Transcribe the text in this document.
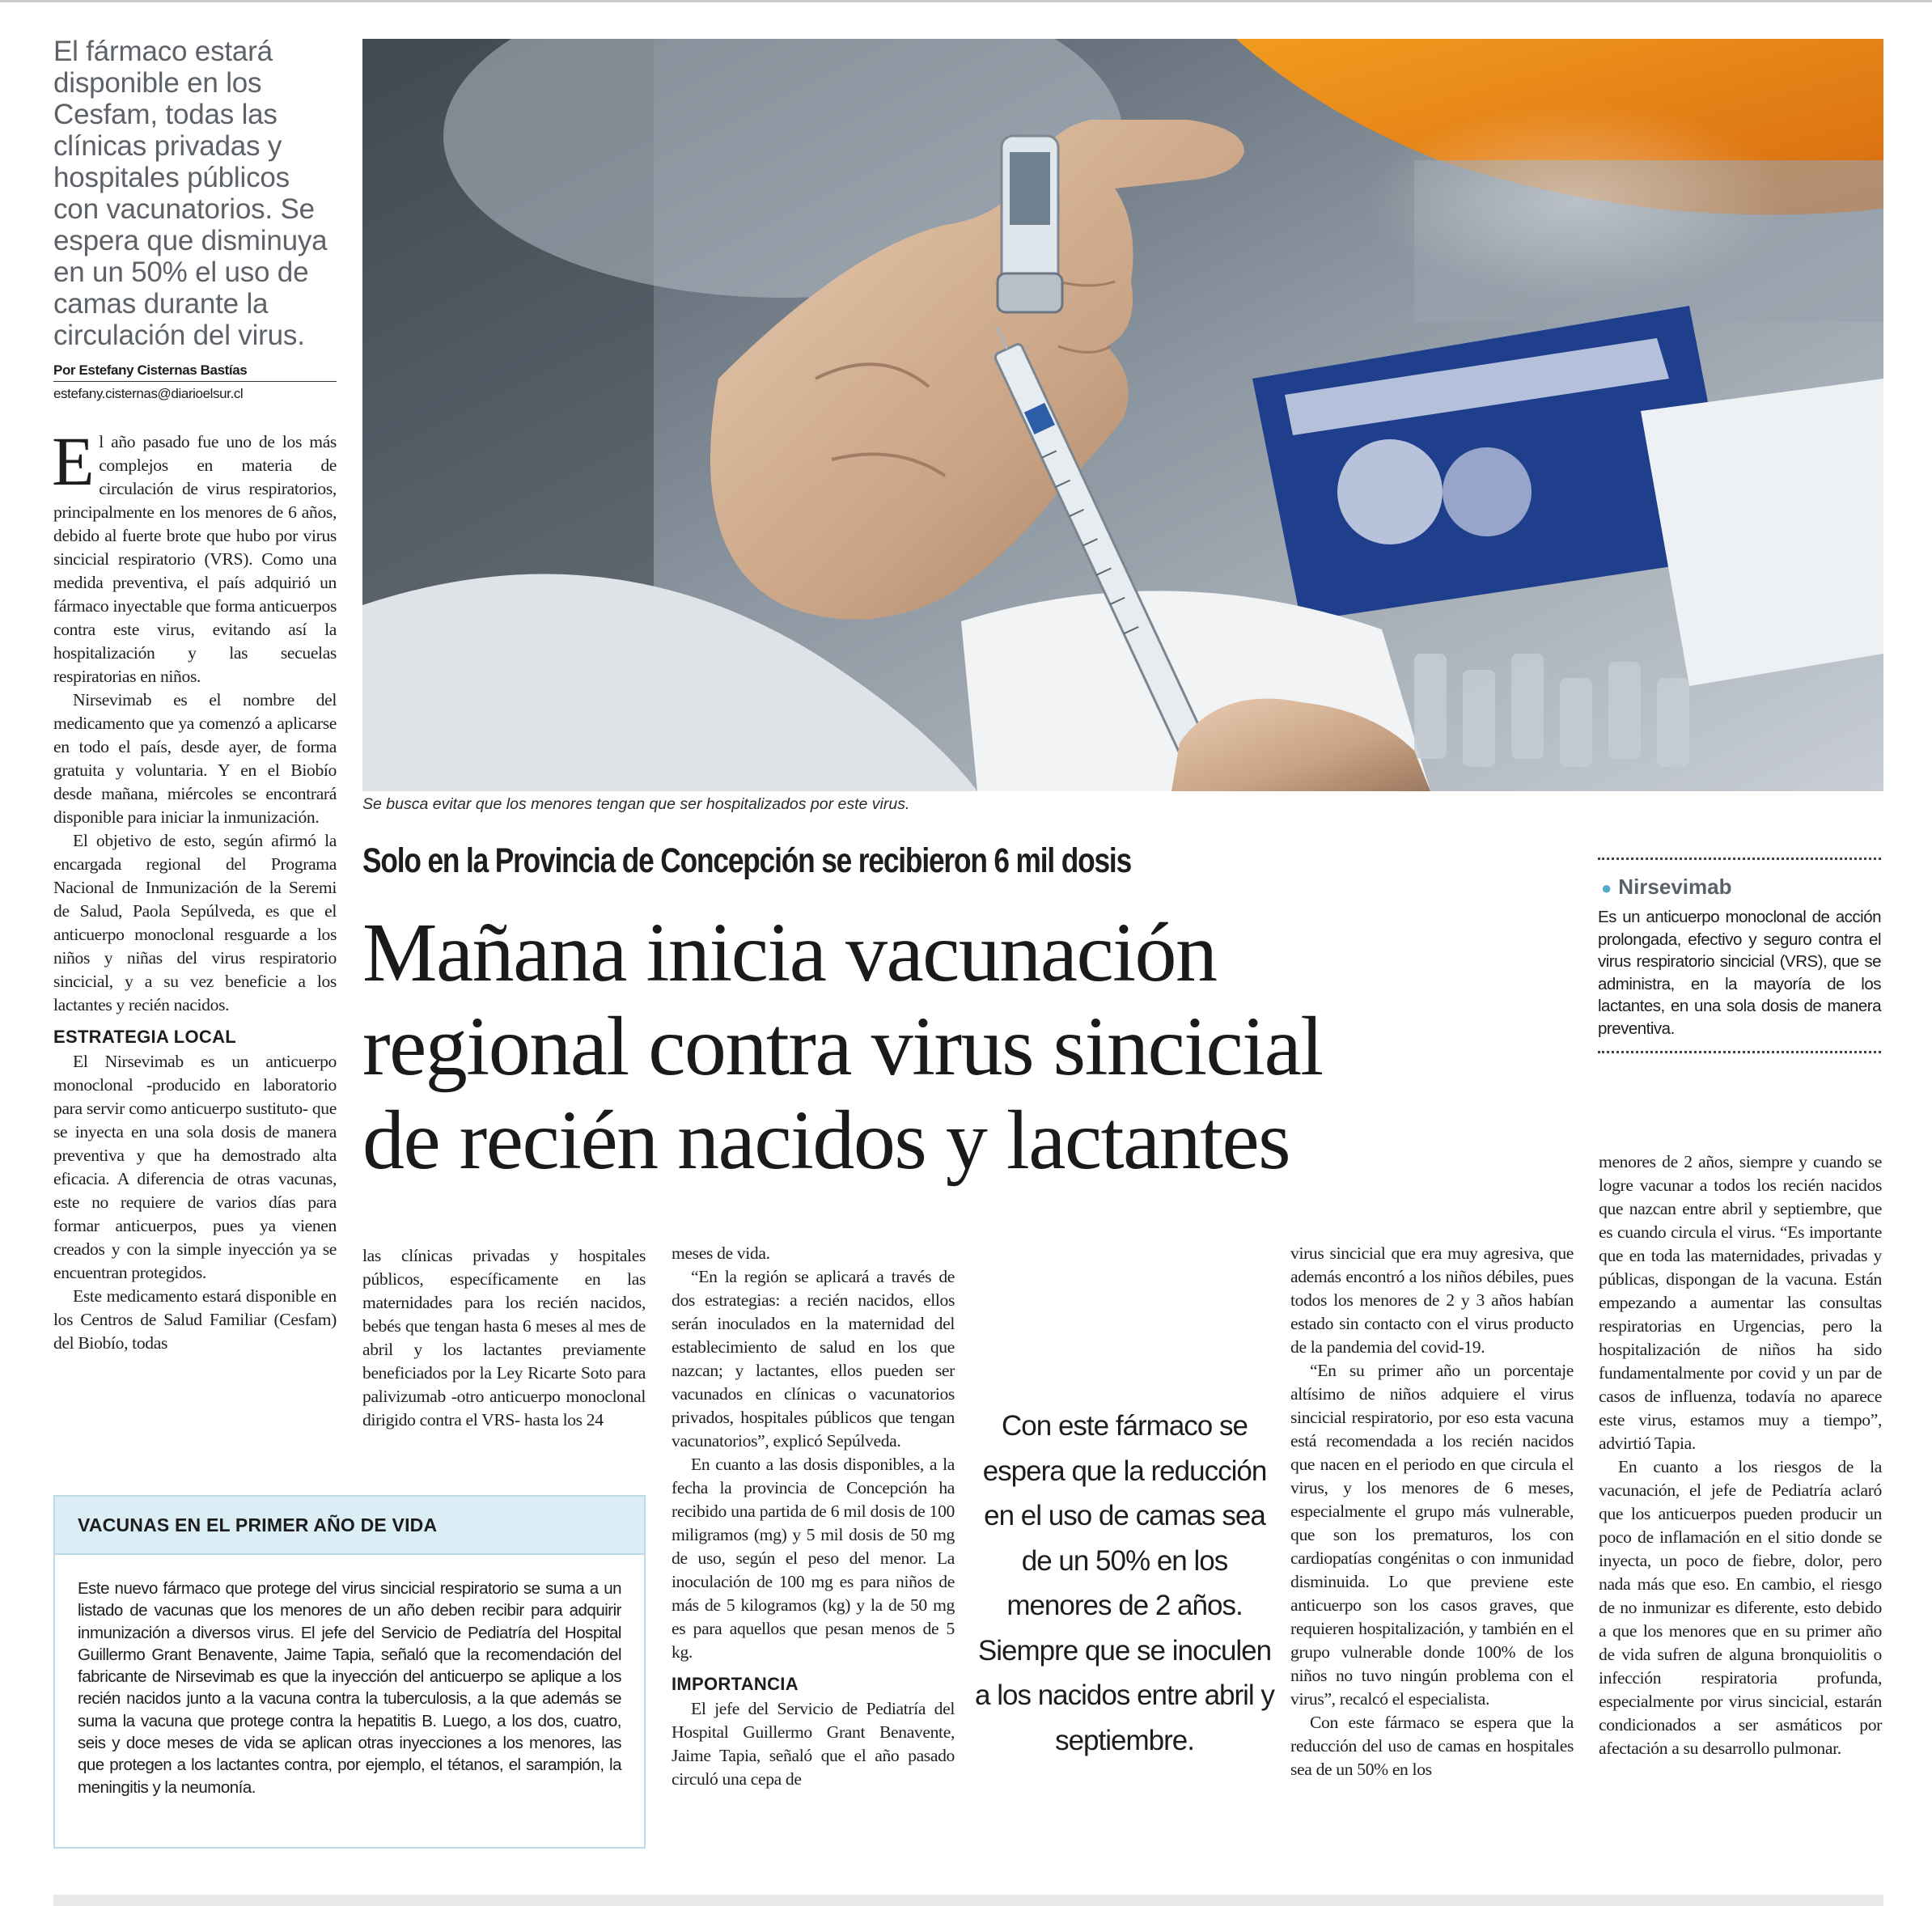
El fármaco estará disponible en los Cesfam, todas las clínicas privadas y hospitales públicos con vacunatorios. Se espera que disminuya en un 50% el uso de camas durante la circulación del virus.
Por Estefany Cisternas Bastías
estefany.cisternas@diarioelsur.cl

El año pasado fue uno de los más complejos en materia de circulación de virus respiratorios, principalmente en los menores de 6 años, debido al fuerte brote que hubo por virus sincicial respiratorio (VRS). Como una medida preventiva, el país adquirió un fármaco inyectable que forma anticuerpos contra este virus, evitando así la hospitalización y las secuelas respiratorias en niños.

Nirsevimab es el nombre del medicamento que ya comenzó a aplicarse en todo el país, desde ayer, de forma gratuita y voluntaria. Y en el Biobío desde mañana, miércoles se encontrará disponible para iniciar la inmunización.

El objetivo de esto, según afirmó la encargada regional del Programa Nacional de Inmunización de la Seremi de Salud, Paola Sepúlveda, es que el anticuerpo monoclonal resguarde a los niños y niñas del virus respiratorio sincicial, y a su vez beneficie a los lactantes y recién nacidos.

ESTRATEGIA LOCAL

El Nirsevimab es un anticuerpo monoclonal -producido en laboratorio para servir como anticuerpo sustituto- que se inyecta en una sola dosis de manera preventiva y que ha demostrado alta eficacia. A diferencia de otras vacunas, este no requiere de varios días para formar anticuerpos, pues ya vienen creados y con la simple inyección ya se encuentran protegidos.

Este medicamento estará disponible en los Centros de Salud Familiar (Cesfam) del Biobío, todas

Se busca evitar que los menores tengan que ser hospitalizados por este virus.
Solo en la Provincia de Concepción se recibieron 6 mil dosis
Mañana inicia vacunación
regional contra virus sincicial
de recién nacidos y lactantes
● Nirsevimab

Es un anticuerpo monoclonal de acción prolongada, efectivo y seguro contra el virus respiratorio sincicial (VRS), que se administra, en la mayoría de los lactantes, en una sola dosis de manera preventiva.

las clínicas privadas y hospitales públicos, específicamente en las maternidades para los recién nacidos, bebés que tengan hasta 6 meses al mes de abril y los lactantes previamente beneficiados por la Ley Ricarte Soto para palivizumab -otro anticuerpo monoclonal dirigido contra el VRS- hasta los 24

meses de vida.

“En la región se aplicará a través de dos estrategias: a recién nacidos, ellos serán inoculados en la maternidad del establecimiento de salud en los que nazcan; y lactantes, ellos pueden ser vacunados en clínicas o vacunatorios privados, hospitales públicos que tengan vacunatorios”, explicó Sepúlveda.

En cuanto a las dosis disponibles, a la fecha la provincia de Concepción ha recibido una partida de 6 mil dosis de 100 miligramos (mg) y 5 mil dosis de 50 mg de uso, según el peso del menor. La inoculación de 100 mg es para niños de más de 5 kilogramos (kg) y la de 50 mg es para aquellos que pesan menos de 5 kg.

IMPORTANCIA

El jefe del Servicio de Pediatría del Hospital Guillermo Grant Benavente, Jaime Tapia, señaló que el año pasado circuló una cepa de

Con este fármaco se espera que la reducción en el uso de camas sea de un 50% en los menores de 2 años. Siempre que se inoculen a los nacidos entre abril y septiembre.

virus sincicial que era muy agresiva, que además encontró a los niños débiles, pues todos los menores de 2 y 3 años habían estado sin contacto con el virus producto de la pandemia del covid-19.

“En su primer año un porcentaje altísimo de niños adquiere el virus sincicial respiratorio, por eso esta vacuna está recomendada a los recién nacidos que nacen en el periodo en que circula el virus, y los menores de 6 meses, especialmente el grupo más vulnerable, que son los prematuros, los con cardiopatías congénitas o con inmunidad disminuida. Lo que previene este anticuerpo son los casos graves, que requieren hospitalización, y también en el grupo vulnerable donde 100% de los niños no tuvo ningún problema con el virus”, recalcó el especialista.

Con este fármaco se espera que la reducción del uso de camas en hospitales sea de un 50% en los

menores de 2 años, siempre y cuando se logre vacunar a todos los recién nacidos que nazcan entre abril y septiembre, que es cuando circula el virus. “Es importante que en toda las maternidades, privadas y públicas, dispongan de la vacuna. Están empezando a aumentar las consultas respiratorias en Urgencias, pero la hospitalización de niños ha sido fundamentalmente por covid y un par de casos de influenza, todavía no aparece este virus, estamos muy a tiempo”, advirtió Tapia.

En cuanto a los riesgos de la vacunación, el jefe de Pediatría aclaró que los anticuerpos pueden producir un poco de inflamación en el sitio donde se inyecta, un poco de fiebre, dolor, pero nada más que eso. En cambio, el riesgo de no inmunizar es diferente, esto debido a que los menores que en su primer año de vida sufren de alguna bronquiolitis o infección respiratoria profunda, especialmente por virus sincicial, estarán condicionados a ser asmáticos por afectación a su desarrollo pulmonar.

VACUNAS EN EL PRIMER AÑO DE VIDA
Este nuevo fármaco que protege del virus sincicial respiratorio se suma a un listado de vacunas que los menores de un año deben recibir para adquirir inmunización a diversos virus. El jefe del Servicio de Pediatría del Hospital Guillermo Grant Benavente, Jaime Tapia, señaló que la recomendación del fabricante de Nirsevimab es que la inyección del anticuerpo se aplique a los recién nacidos junto a la vacuna contra la tuberculosis, a la que además se suma la vacuna que protege contra la hepatitis B. Luego, a los dos, cuatro, seis y doce meses de vida se aplican otras inyecciones a los menores, las que protegen a los lactantes contra, por ejemplo, el tétanos, el sarampión, la meningitis y la neumonía.
